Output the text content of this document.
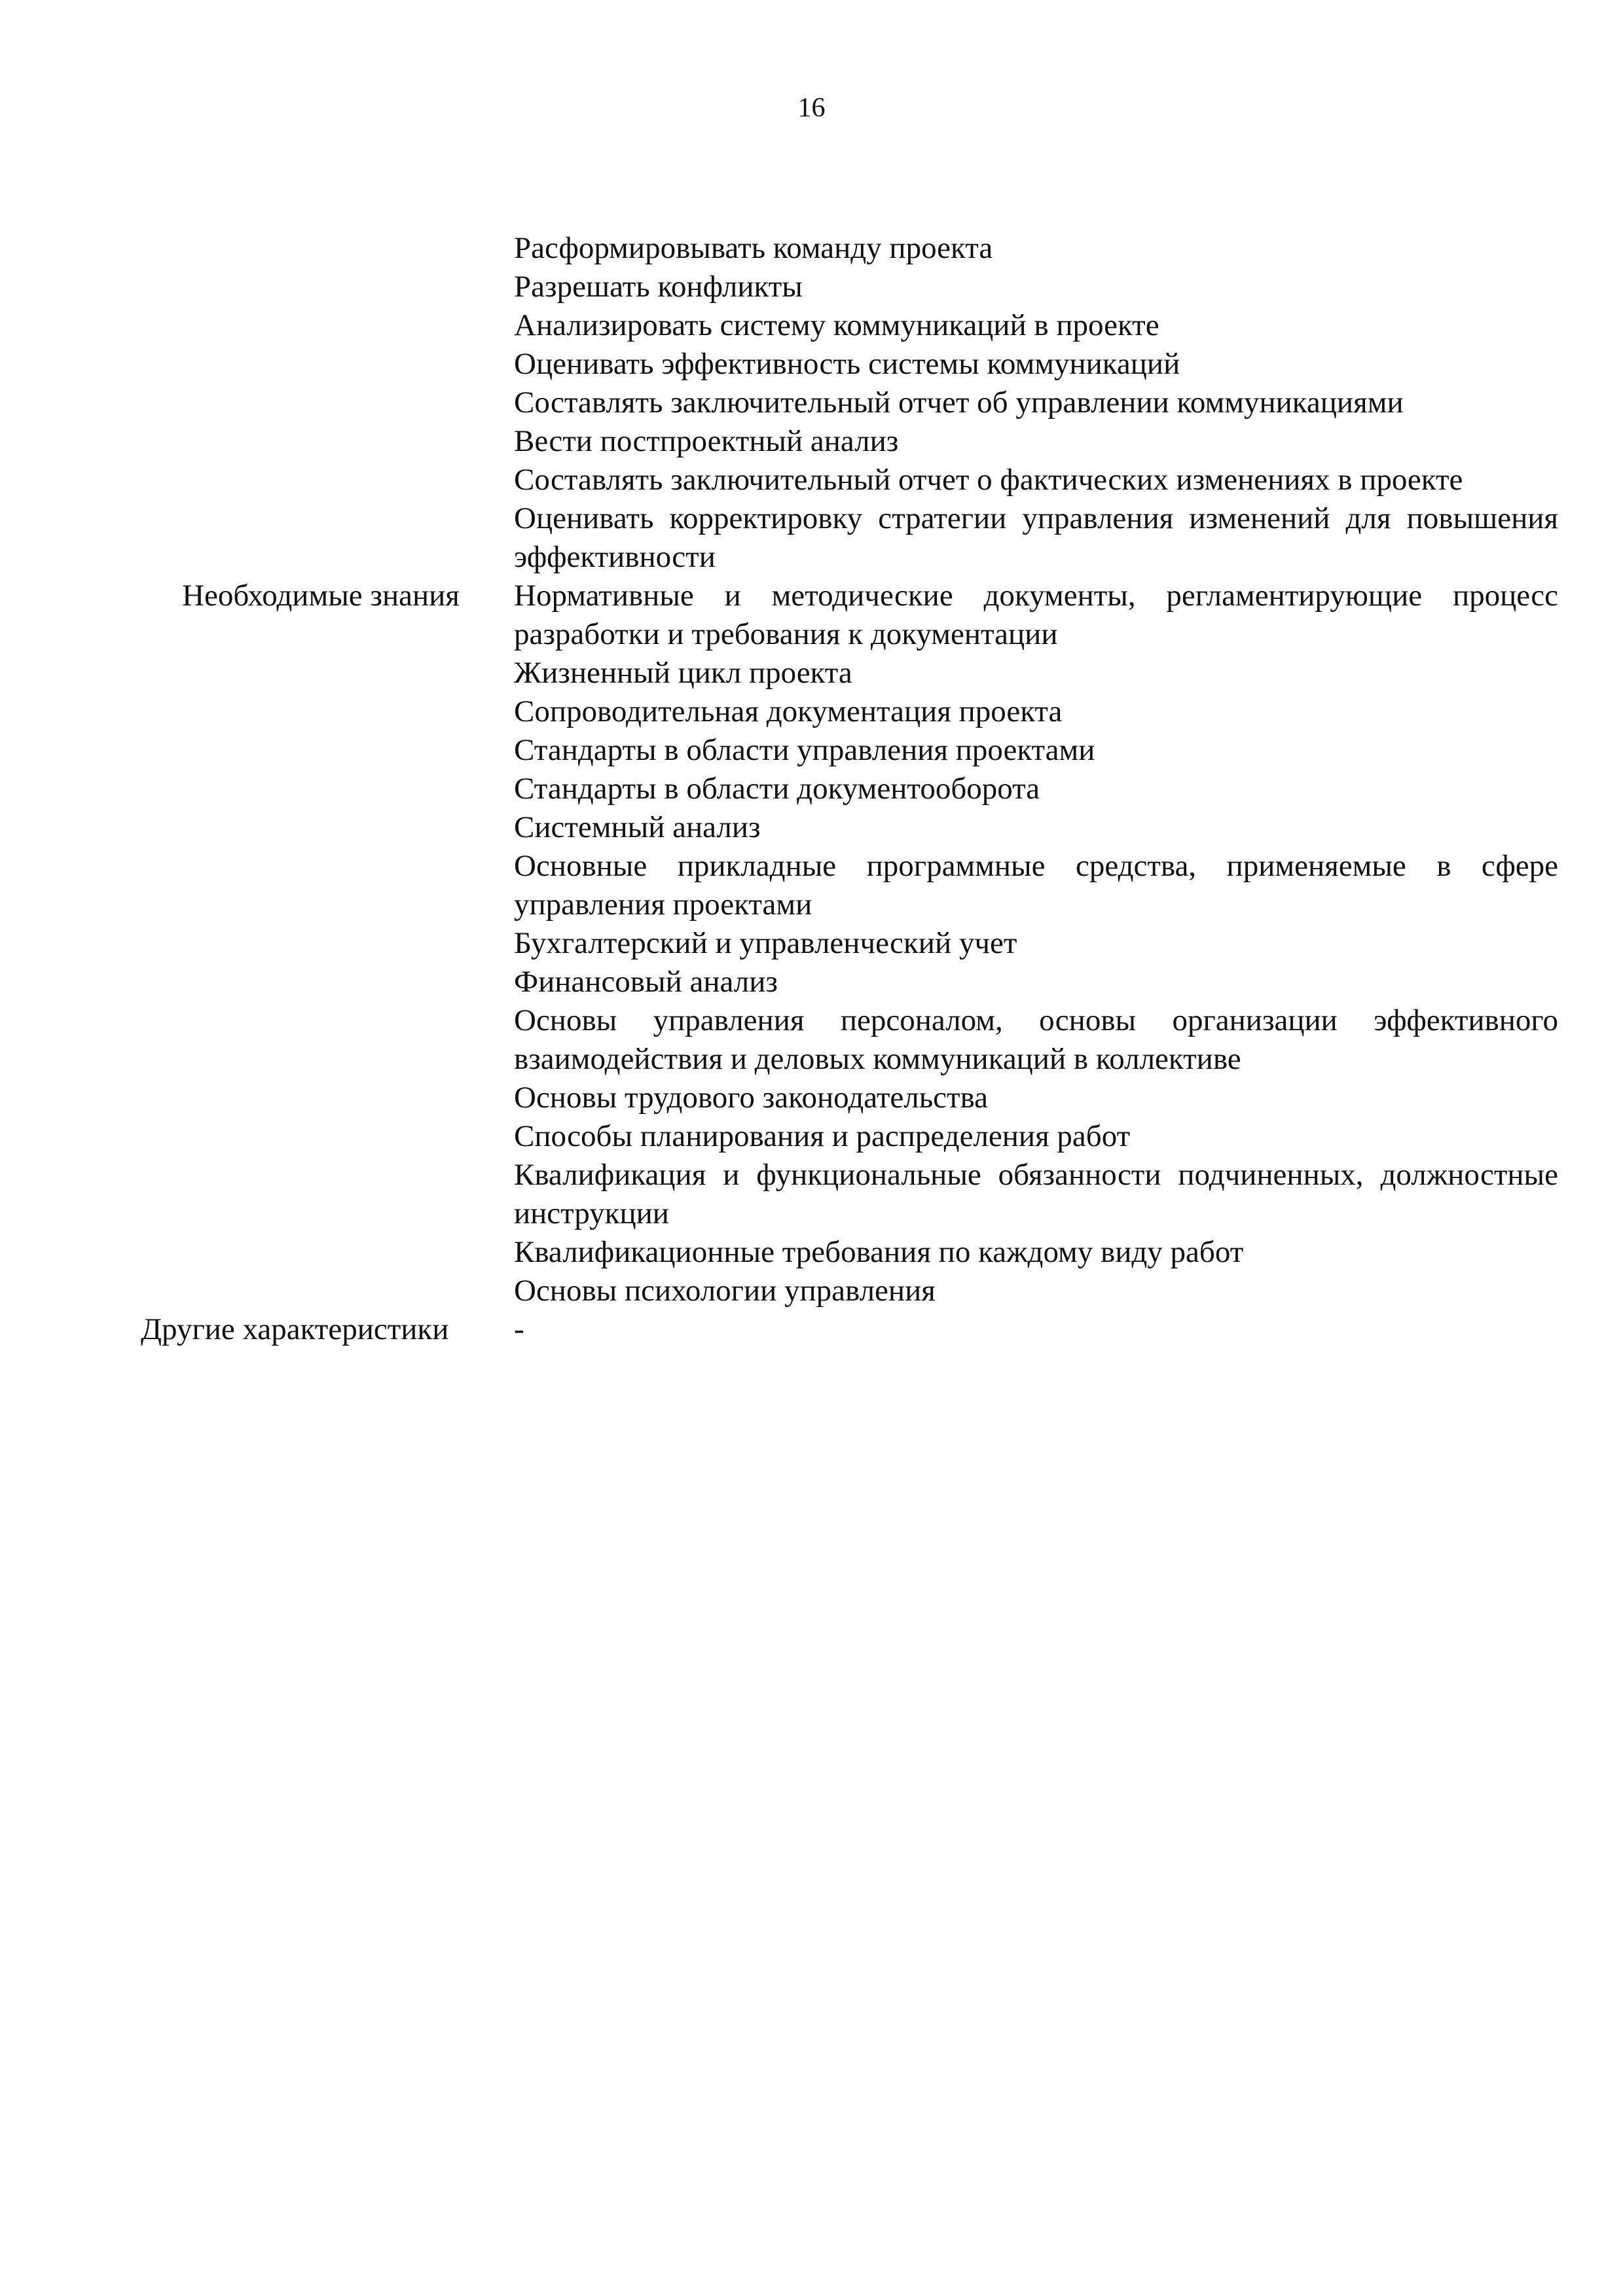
16

Расформировывать команду проекта

Разрешать конфликты

Анализировать систему коммуникаций в проекте

Оценивать эффективность системы коммуникаций

Составлять заключительный отчет об управлении коммуникациями

Вести постпроектный анализ

Составлять заключительный отчет о фактических изменениях в проекте

Оценивать корректировку стратегии управления изменений для повышения эффективности

Необходимые знания	Нормативные и методические документы, регламентирующие процесс разработки и требования к документации

Жизненный цикл проекта

Сопроводительная документация проекта

Стандарты в области управления проектами

Стандарты в области документооборота

Системный анализ

Основные прикладные программные средства, применяемые в сфере управления проектами

Бухгалтерский и управленческий учет

Финансовый анализ

Основы управления персоналом, основы организации эффективного взаимодействия и деловых коммуникаций в коллективе

Основы трудового законодательства

Способы планирования и распределения работ

Квалификация и функциональные обязанности подчиненных, должностные инструкции

Квалификационные требования по каждому виду работ

Основы психологии управления

Другие характеристики	-
